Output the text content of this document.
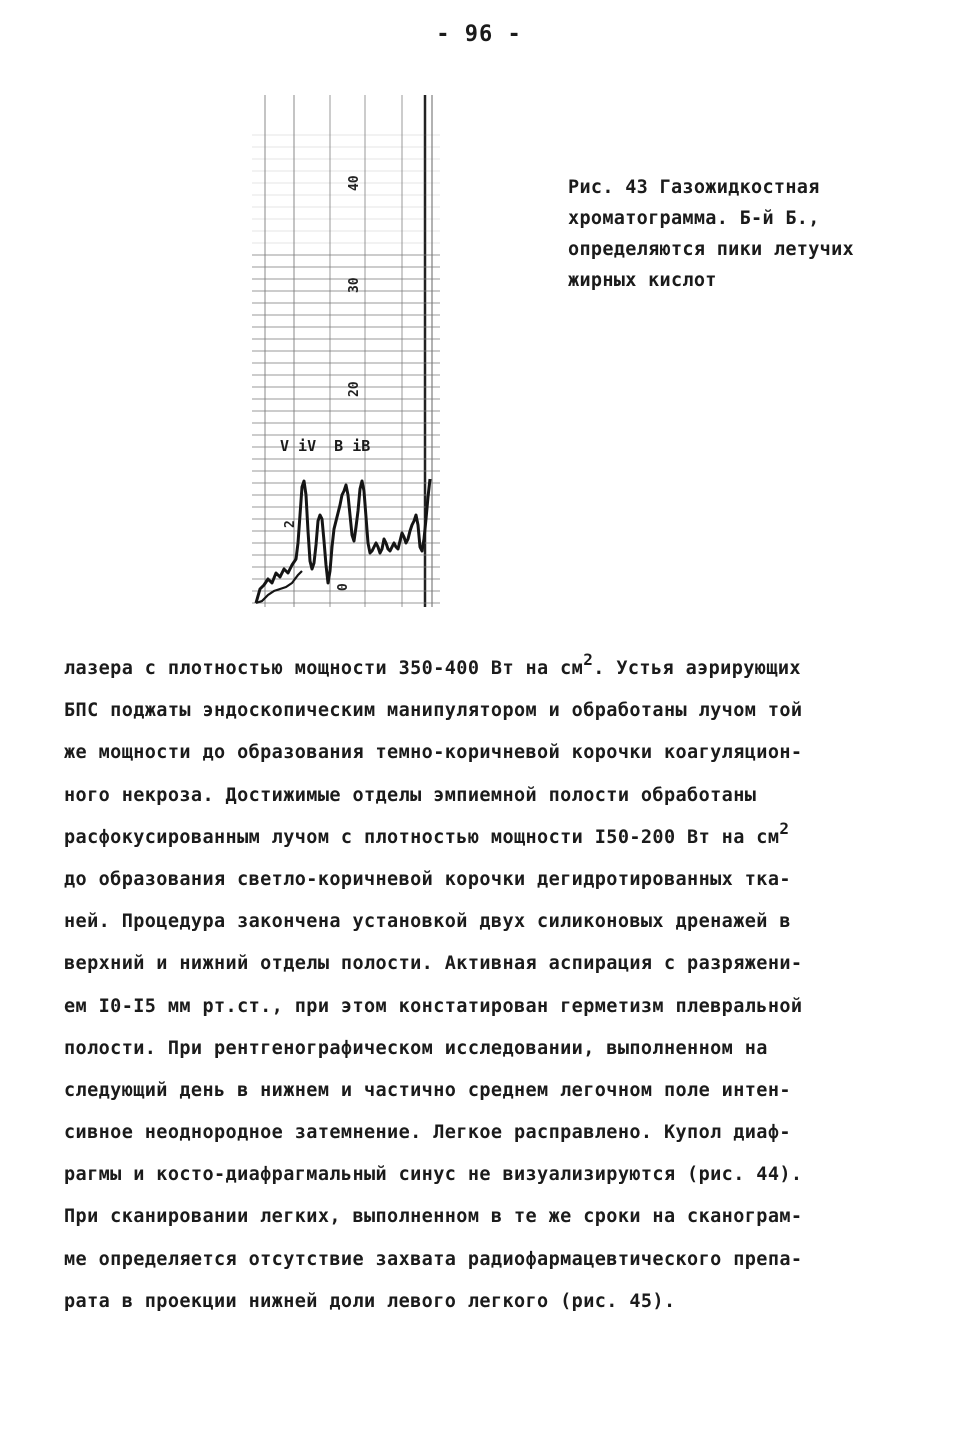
- 96 -
40
30
20
2
0
V iV  B iB
Рис. 43 Газожидкостная
хроматограмма. Б-й Б.,
определяются пики летучих
жирных кислот
лазера с плотностью мощности 350-400 Вт на см2. Устья аэрирующих
БПС поджаты эндоскопическим манипулятором и обработаны лучом той
же мощности до образования темно-коричневой корочки коагуляцион-
ного некроза. Достижимые отделы эмпиемной полости обработаны
расфокусированным лучом с плотностью мощности I50-200 Вт на см2
до образования светло-коричневой корочки дегидротированных тка-
ней. Процедура закончена установкой двух силиконовых дренажей в
верхний и нижний отделы полости. Активная аспирация с разряжени-
ем I0-I5 мм рт.ст., при этом констатирован герметизм плевральной
полости. При рентгенографическом исследовании, выполненном на
следующий день в нижнем и частично среднем легочном поле интен-
сивное неоднородное затемнение. Легкое расправлено. Купол диаф-
рагмы и косто-диафрагмальный синус не визуализируются (рис. 44).
При сканировании легких, выполненном в те же сроки на сканограм-
ме определяется отсутствие захвата радиофармацевтического препа-
рата в проекции нижней доли левого легкого (рис. 45).
